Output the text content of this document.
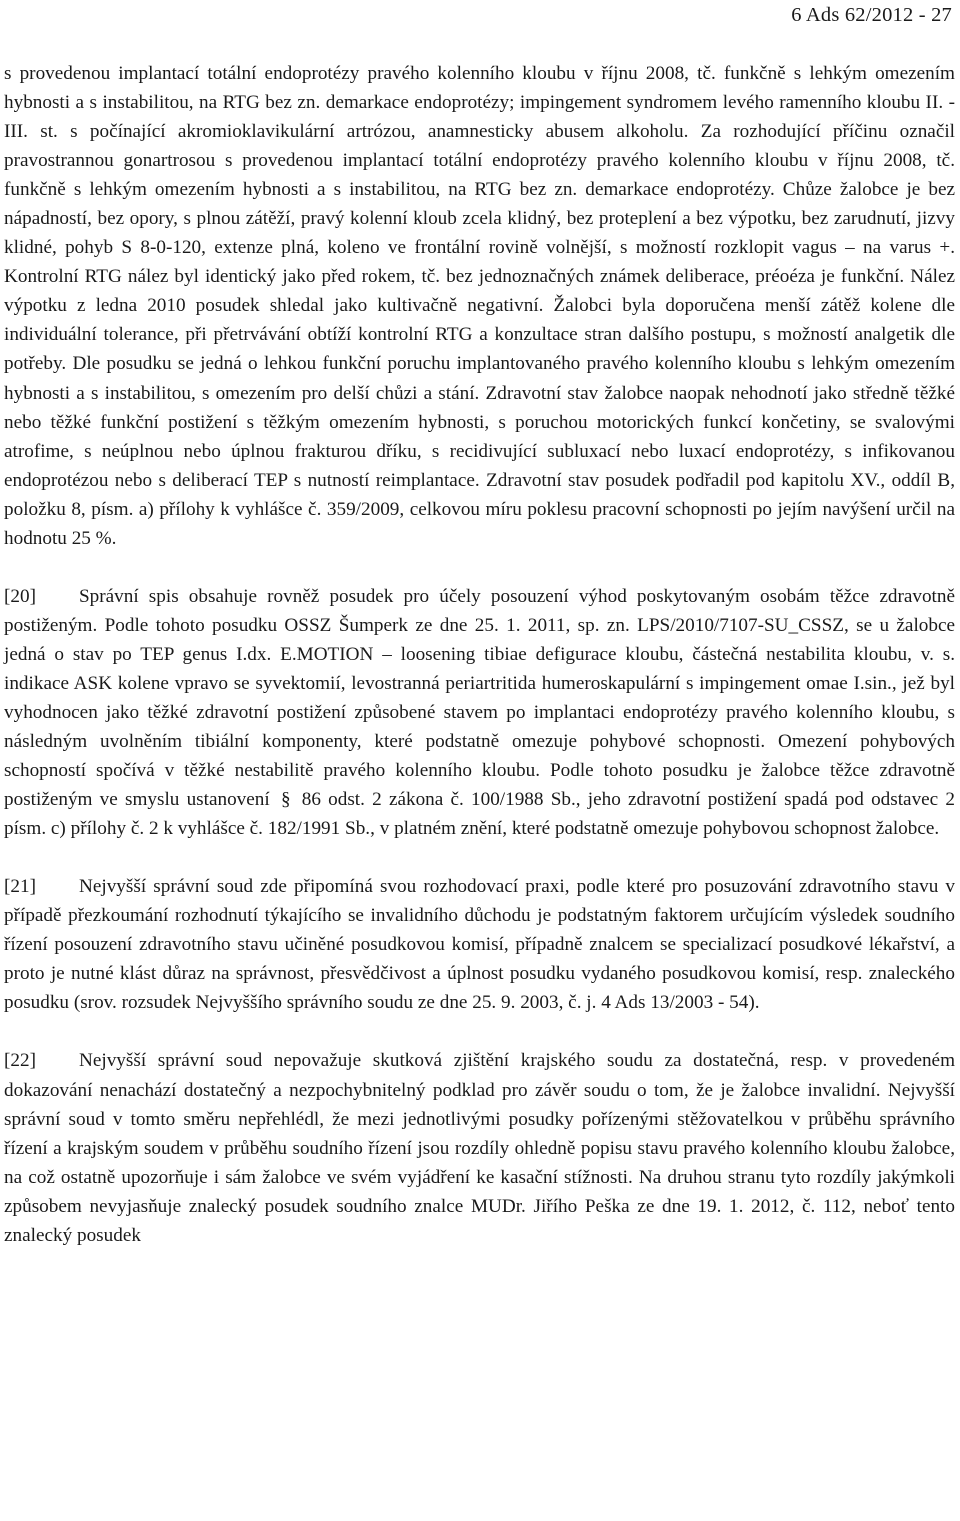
6 Ads 62/2012 - 27

s provedenou implantací totální endoprotézy pravého kolenního kloubu v říjnu 2008, tč. funkčně s lehkým omezením hybnosti a s instabilitou, na RTG bez zn. demarkace endoprotézy; impingement syndromem levého ramenního kloubu II. - III. st. s počínající akromioklavikulární artrózou, anamnesticky abusem alkoholu. Za rozhodující příčinu označil pravostrannou gonartrosou s provedenou implantací totální endoprotézy pravého kolenního kloubu v říjnu 2008, tč. funkčně s lehkým omezením hybnosti a s instabilitou, na RTG bez zn. demarkace endoprotézy. Chůze žalobce je bez nápadností, bez opory, s plnou zátěží, pravý kolenní kloub zcela klidný, bez proteplení a bez výpotku, bez zarudnutí, jizvy klidné, pohyb S 8-0-120, extenze plná, koleno ve frontální rovině volnější, s možností rozklopit vagus – na varus +. Kontrolní RTG nález byl identický jako před rokem, tč. bez jednoznačných známek deliberace, préoéza je funkční. Nález výpotku z ledna 2010 posudek shledal jako kultivačně negativní. Žalobci byla doporučena menší zátěž kolene dle individuální tolerance, při přetrvávání obtíží kontrolní RTG a konzultace stran dalšího postupu, s možností analgetik dle potřeby. Dle posudku se jedná o lehkou funkční poruchu implantovaného pravého kolenního kloubu s lehkým omezením hybnosti a s instabilitou, s omezením pro delší chůzi a stání. Zdravotní stav žalobce naopak nehodnotí jako středně těžké nebo těžké funkční postižení s těžkým omezením hybnosti, s poruchou motorických funkcí končetiny, se svalovými atrofime, s neúplnou nebo úplnou frakturou dříku, s recidivující subluxací nebo luxací endoprotézy, s infikovanou endoprotézou nebo s deliberací TEP s nutností reimplantace. Zdravotní stav posudek podřadil pod kapitolu XV., oddíl B, položku 8, písm. a) přílohy k vyhlášce č. 359/2009, celkovou míru poklesu pracovní schopnosti po jejím navýšení určil na hodnotu 25 %.

[20] Správní spis obsahuje rovněž posudek pro účely posouzení výhod poskytovaným osobám těžce zdravotně postiženým. Podle tohoto posudku OSSZ Šumperk ze dne 25. 1. 2011, sp. zn. LPS/2010/7107-SU_CSSZ, se u žalobce jedná o stav po TEP genus I.dx. E.MOTION – loosening tibiae defigurace kloubu, částečná nestabilita kloubu, v. s. indikace ASK kolene vpravo se syvektomií, levostranná periartritida humeroskapulární s impingement omae I.sin., jež byl vyhodnocen jako těžké zdravotní postižení způsobené stavem po implantaci endoprotézy pravého kolenního kloubu, s následným uvolněním tibiální komponenty, které podstatně omezuje pohybové schopnosti. Omezení pohybových schopností spočívá v těžké nestabilitě pravého kolenního kloubu. Podle tohoto posudku je žalobce těžce zdravotně postiženým ve smyslu ustanovení § 86 odst. 2 zákona č. 100/1988 Sb., jeho zdravotní postižení spadá pod odstavec 2 písm. c) přílohy č. 2 k vyhlášce č. 182/1991 Sb., v platném znění, které podstatně omezuje pohybovou schopnost žalobce.

[21] Nejvyšší správní soud zde připomíná svou rozhodovací praxi, podle které pro posuzování zdravotního stavu v případě přezkoumání rozhodnutí týkajícího se invalidního důchodu je podstatným faktorem určujícím výsledek soudního řízení posouzení zdravotního stavu učiněné posudkovou komisí, případně znalcem se specializací posudkové lékařství, a proto je nutné klást důraz na správnost, přesvědčivost a úplnost posudku vydaného posudkovou komisí, resp. znaleckého posudku (srov. rozsudek Nejvyššího správního soudu ze dne 25. 9. 2003, č. j. 4 Ads 13/2003 - 54).

[22] Nejvyšší správní soud nepovažuje skutková zjištění krajského soudu za dostatečná, resp. v provedeném dokazování nenachází dostatečný a nezpochybnitelný podklad pro závěr soudu o tom, že je žalobce invalidní. Nejvyšší správní soud v tomto směru nepřehlédl, že mezi jednotlivými posudky pořízenými stěžovatelkou v průběhu správního řízení a krajským soudem v průběhu soudního řízení jsou rozdíly ohledně popisu stavu pravého kolenního kloubu žalobce, na což ostatně upozorňuje i sám žalobce ve svém vyjádření ke kasační stížnosti. Na druhou stranu tyto rozdíly jakýmkoli způsobem nevyjasňuje znalecký posudek soudního znalce MUDr. Jiřího Peška ze dne 19. 1. 2012, č. 112, neboť tento znalecký posudek
